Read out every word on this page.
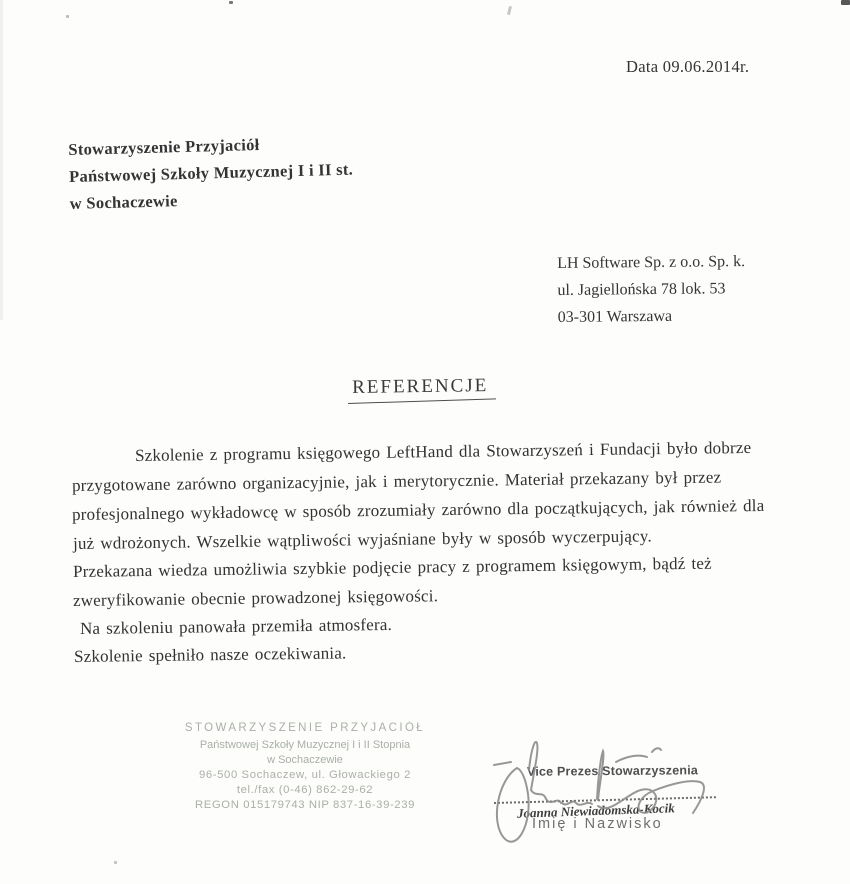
Data 09.06.2014r.
Stowarzyszenie Przyjaciół
Państwowej Szkoły Muzycznej I i II st.
w Sochaczewie
LH Software Sp. z o.o. Sp. k.
ul. Jagiellońska 78 lok. 53
03-301 Warszawa
REFERENCJE
Szkolenie z programu księgowego LeftHand dla Stowarzyszeń i Fundacji było dobrze
przygotowane zarówno organizacyjnie, jak i merytorycznie. Materiał przekazany był przez
profesjonalnego wykładowcę w sposób zrozumiały zarówno dla początkujących, jak również dla
już wdrożonych. Wszelkie wątpliwości wyjaśniane były w sposób wyczerpujący.
Przekazana wiedza umożliwia szybkie podjęcie pracy z programem księgowym, bądź też
zweryfikowanie obecnie prowadzonej księgowości.
Na szkoleniu panowała przemiła atmosfera.
Szkolenie spełniło nasze oczekiwania.
STOWARZYSZENIE PRZYJACIÓŁ
Państwowej Szkoły Muzycznej I i II Stopnia
w Sochaczewie
96-500 Sochaczew, ul. Głowackiego 2
tel./fax (0-46) 862-29-62
REGON 015179743 NIP 837-16-39-239
Vice Prezes Stowarzyszenia
Joanna Niewiadomska-Kocik
Imię i Nazwisko
